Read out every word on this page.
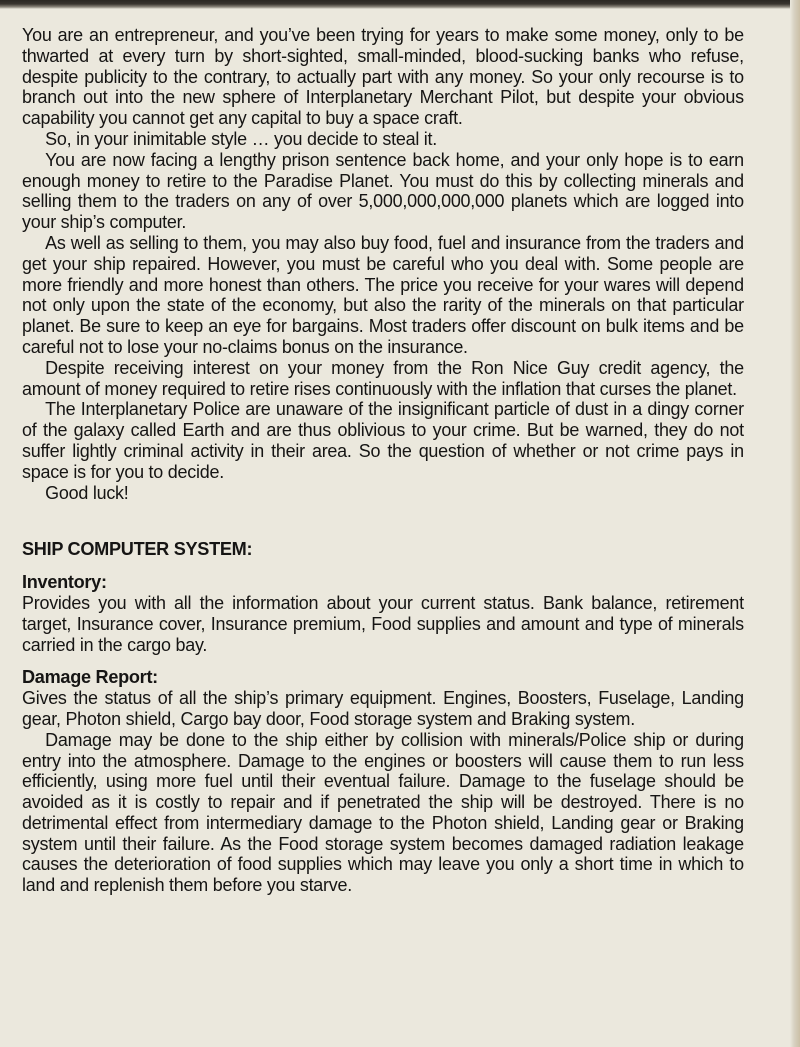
You are an entrepreneur, and you’ve been trying for years to make some money, only to be thwarted at every turn by short-sighted, small-minded, blood-sucking banks who refuse, despite publicity to the contrary, to actually part with any money. So your only recourse is to branch out into the new sphere of Interplanetary Merchant Pilot, but despite your obvious capability you cannot get any capital to buy a space craft.

So, in your inimitable style … you decide to steal it.

You are now facing a lengthy prison sentence back home, and your only hope is to earn enough money to retire to the Paradise Planet. You must do this by collecting minerals and selling them to the traders on any of over 5,000,000,000,000 planets which are logged into your ship’s computer.

As well as selling to them, you may also buy food, fuel and insurance from the traders and get your ship repaired. However, you must be careful who you deal with. Some people are more friendly and more honest than others. The price you receive for your wares will depend not only upon the state of the economy, but also the rarity of the minerals on that particular planet. Be sure to keep an eye for bargains. Most traders offer discount on bulk items and be careful not to lose your no-claims bonus on the insurance.

Despite receiving interest on your money from the Ron Nice Guy credit agency, the amount of money required to retire rises continuously with the inflation that curses the planet.

The Interplanetary Police are unaware of the insignificant particle of dust in a dingy corner of the galaxy called Earth and are thus oblivious to your crime. But be warned, they do not suffer lightly criminal activity in their area. So the question of whether or not crime pays in space is for you to decide.

Good luck!

SHIP COMPUTER SYSTEM:
Inventory:

Provides you with all the information about your current status. Bank balance, retirement target, Insurance cover, Insurance premium, Food supplies and amount and type of minerals carried in the cargo bay.

Damage Report:

Gives the status of all the ship’s primary equipment. Engines, Boosters, Fuselage, Landing gear, Photon shield, Cargo bay door, Food storage system and Braking system.

Damage may be done to the ship either by collision with minerals/Police ship or during entry into the atmosphere. Damage to the engines or boosters will cause them to run less efficiently, using more fuel until their eventual failure. Damage to the fuselage should be avoided as it is costly to repair and if penetrated the ship will be destroyed. There is no detrimental effect from intermediary damage to the Photon shield, Landing gear or Braking system until their failure. As the Food storage system becomes damaged radiation leakage causes the deterioration of food supplies which may leave you only a short time in which to land and replenish them before you starve.
